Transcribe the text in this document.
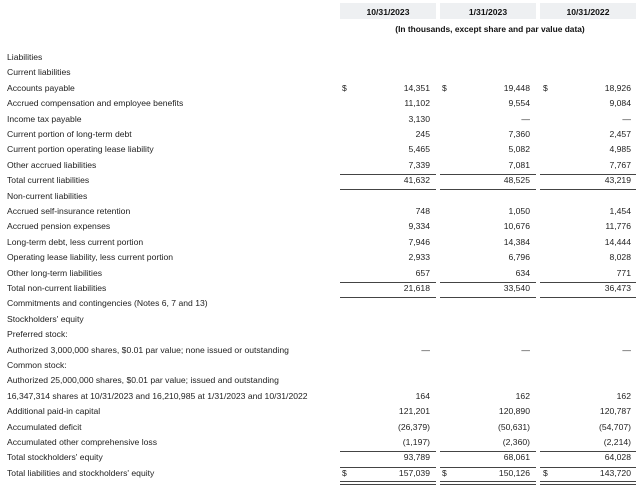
10/31/2023	1/31/2023	10/31/2022
(In thousands, except share and par value data)
Liabilities
Current liabilities
Accounts payable	$	14,351 $	19,448 $	18,926
Accrued compensation and employee benefits	11,102	9,554	9,084
Income tax payable	3,130	—	—
Current portion of long-term debt	245	7,360	2,457
Current portion operating lease liability	5,465	5,082	4,985
Other accrued liabilities	7,339	7,081	7,767
Total current liabilities	41,632	48,525	43,219
Non-current liabilities
Accrued self-insurance retention	748	1,050	1,454
Accrued pension expenses	9,334	10,676	11,776
Long-term debt, less current portion	7,946	14,384	14,444
Operating lease liability, less current portion	2,933	6,796	8,028
Other long-term liabilities	657	634	771
Total non-current liabilities	21,618	33,540	36,473
Commitments and contingencies (Notes 6, 7 and 13)
Stockholders' equity
Preferred stock:
Authorized 3,000,000 shares, $0.01 par value; none issued or outstanding	—	—	—
Common stock:
Authorized 25,000,000 shares, $0.01 par value; issued and outstanding
16,347,314 shares at 10/31/2023 and 16,210,985 at 1/31/2023 and 10/31/2022	164	162	162
Additional paid-in capital	121,201	120,890	120,787
Accumulated deficit	(26,379)	(50,631)	(54,707)
Accumulated other comprehensive loss	(1,197)	(2,360)	(2,214)
Total stockholders' equity	93,789	68,061	64,028
Total liabilities and stockholders' equity	$	157,039 $	150,126 $	143,720
